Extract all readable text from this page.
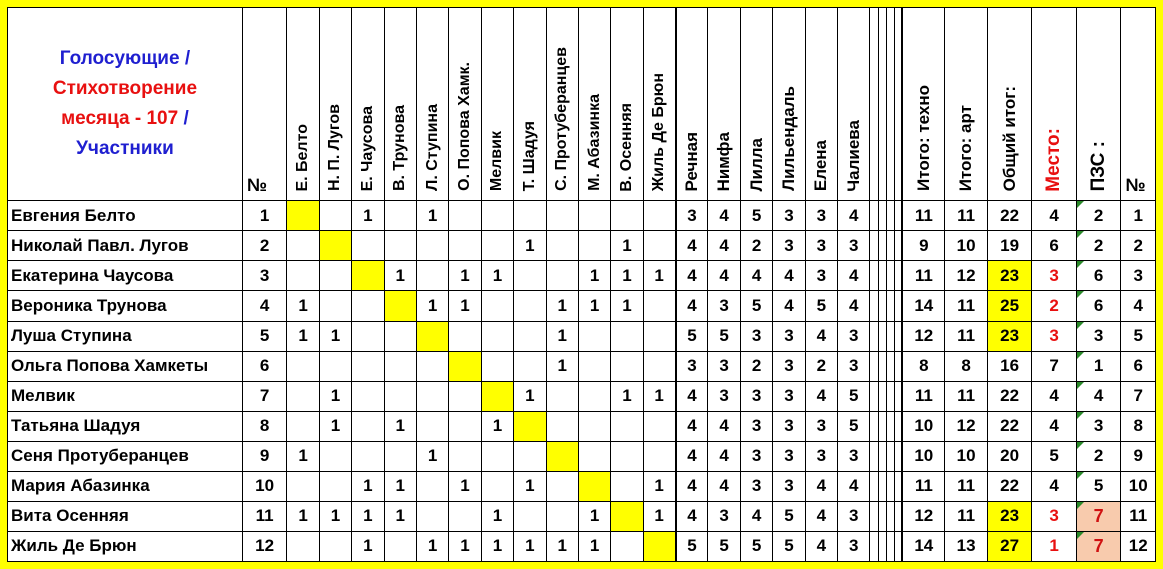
Голосующие /
Стихотворение
месяца - 107 /
Участники	№	Е. Белто	Н. П. Лугов	Е. Чаусова	В. Трунова	Л. Ступина	О. Попова Хамк.	Мелвик	Т. Шадуя	С. Протуберанцев	М. Абазинка	В. Осенняя	Жиль Де Брюн	Речная	Нимфа	Лилла	Лильендаль	Елена	Чалиева					Итого: техно	Итого: арт	Общий итог:	Место:	ПЗС :	№
Евгения Белто	1			1		1								3	4	5	3	3	4					11	11	22	4	2	1
Николай Павл. Лугов	2								1			1		4	4	2	3	3	3					9	10	19	6	2	2
Екатерина Чаусова	3				1		1	1			1	1	1	4	4	4	4	3	4					11	12	23	3	6	3
Вероника Трунова	4	1				1	1			1	1	1		4	3	5	4	5	4					14	11	25	2	6	4
Луша Ступина	5	1	1							1				5	5	3	3	4	3					12	11	23	3	3	5
Ольга Попова Хамкеты	6									1				3	3	2	3	2	3					8	8	16	7	1	6
Мелвик	7		1						1			1	1	4	3	3	3	4	5					11	11	22	4	4	7
Татьяна Шадуя	8		1		1			1						4	4	3	3	3	5					10	12	22	4	3	8
Сеня Протуберанцев	9	1				1								4	4	3	3	3	3					10	10	20	5	2	9
Мария Абазинка	10			1	1		1		1				1	4	4	3	3	4	4					11	11	22	4	5	10
Вита Осенняя	11	1	1	1	1			1			1		1	4	3	4	5	4	3					12	11	23	3	7	11
Жиль Де Брюн	12			1		1	1	1	1	1	1			5	5	5	5	4	3					14	13	27	1	7	12
